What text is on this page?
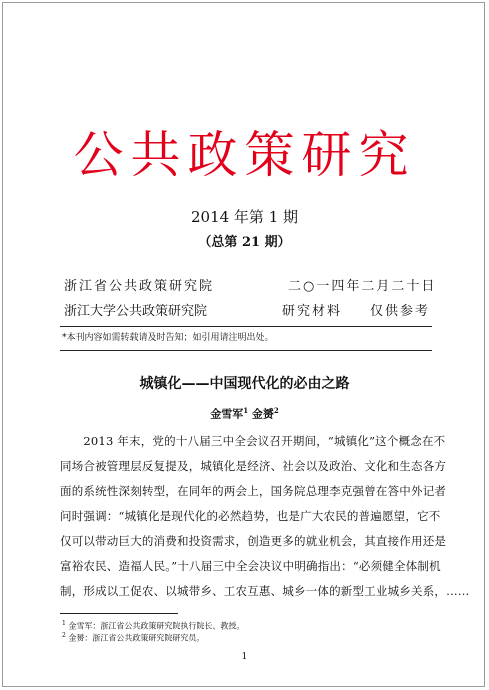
公共政策研究
2014 年第 1 期
（总第 21 期）
浙江省公共政策研究院	二○一四年二月二十日
浙江大学公共政策研究院	研究材料 仅供参考
*本刊内容如需转载请及时告知；如引用请注明出处。
城镇化——中国现代化的必由之路
金雪军$^1$ 金赟$^2$
　　2013 年末，党的十八届三中全会议召开期间，“城镇化”这个概念在不
同场合被管理层反复提及，城镇化是经济、社会以及政治、文化和生态各方
面的系统性深刻转型，在同年的两会上，国务院总理李克强曾在答中外记者
问时强调：“城镇化是现代化的必然趋势，也是广大农民的普遍愿望，它不
仅可以带动巨大的消费和投资需求，创造更多的就业机会，其直接作用还是
富裕农民、造福人民。”十八届三中全会决议中明确指出：“必须健全体制机
制，形成以工促农、以城带乡、工农互惠、城乡一体的新型工业城乡关系，……
$^1$ 金雪军：浙江省公共政策研究院执行院长、教授。
$^2$ 金赟：浙江省公共政策研究院研究员。
1
